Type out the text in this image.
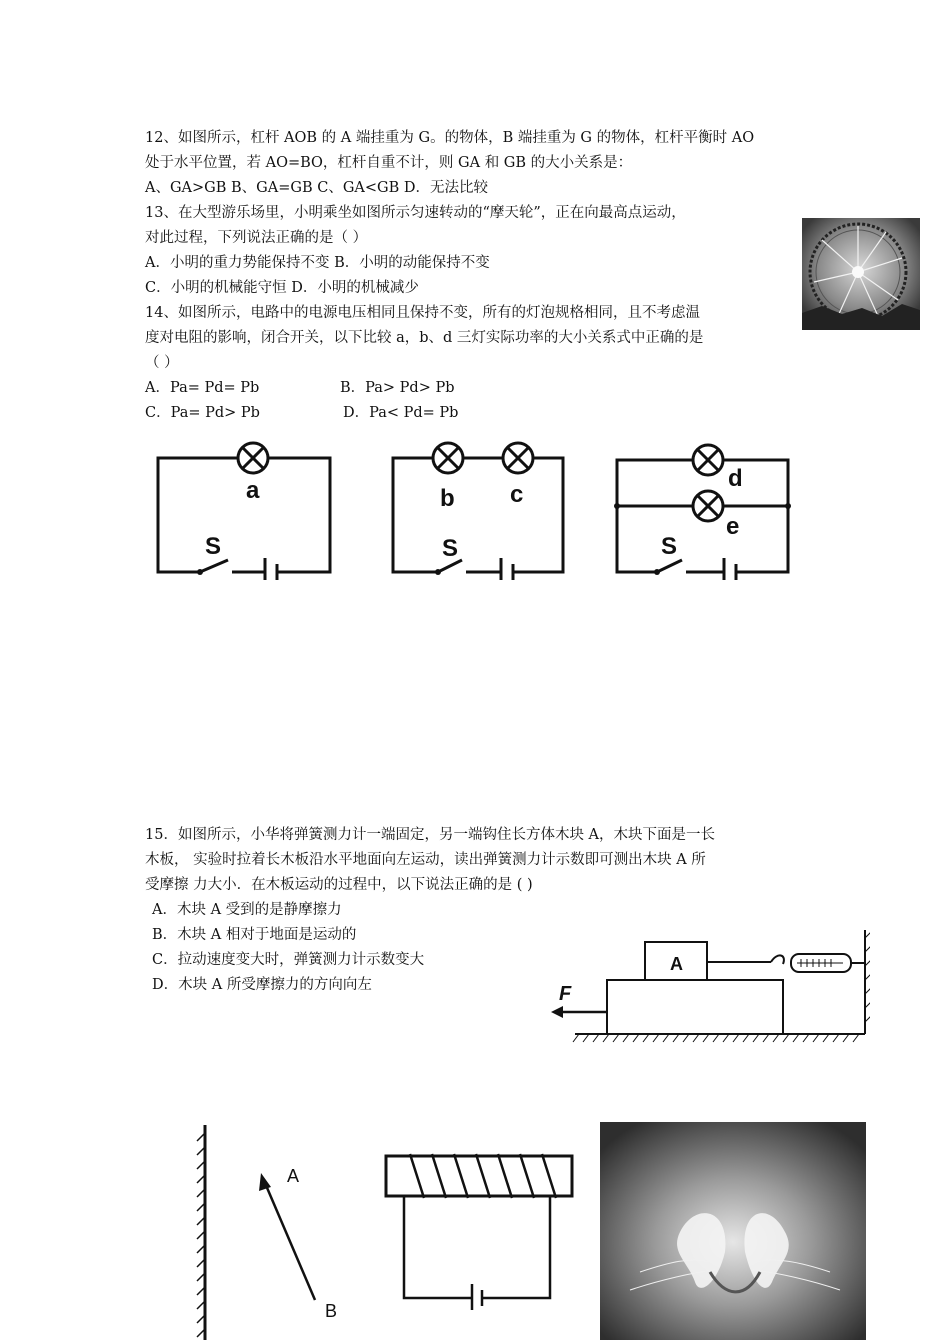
12、如图所示，杠杆 AOB 的 A 端挂重为 G。的物体，B 端挂重为 G 的物体，杠杆平衡时 AO
处于水平位置，若 AO=BO，杠杆自重不计，则 GA 和 GB 的大小关系是：
A、GA>GB B、GA=GB C、GA<GB D．无法比较
13、在大型游乐场里，小明乘坐如图所示匀速转动的“摩天轮”，正在向最高点运动，
对此过程，下列说法正确的是（ ）
A．小明的重力势能保持不变 B．小明的动能保持不变
C．小明的机械能守恒 D．小明的机械减少
14、如图所示，电路中的电源电压相同且保持不变，所有的灯泡规格相同，且不考虑温
度对电阻的影响，闭合开关，以下比较 a，b、d 三灯实际功率的大小关系式中正确的是
（ ）
A．Pa= Pd= Pb	B．Pa> Pd> Pb
C．Pa= Pd> Pb	D．Pa< Pd= Pb
a
S
b c
S
d
e
S
15．如图所示，小华将弹簧测力计一端固定，另一端钩住长方体木块 A，木块下面是一长
木板， 实验时拉着长木板沿水平地面向左运动，读出弹簧测力计示数即可测出木块 A 所
受摩擦 力大小．在木板运动的过程中，以下说法正确的是 ( )
A．木块 A 受到的是静摩擦力
B．木块 A 相对于地面是运动的
C．拉动速度变大时，弹簧测力计示数变大
D．木块 A 所受摩擦力的方向向左
A
F
A
B
